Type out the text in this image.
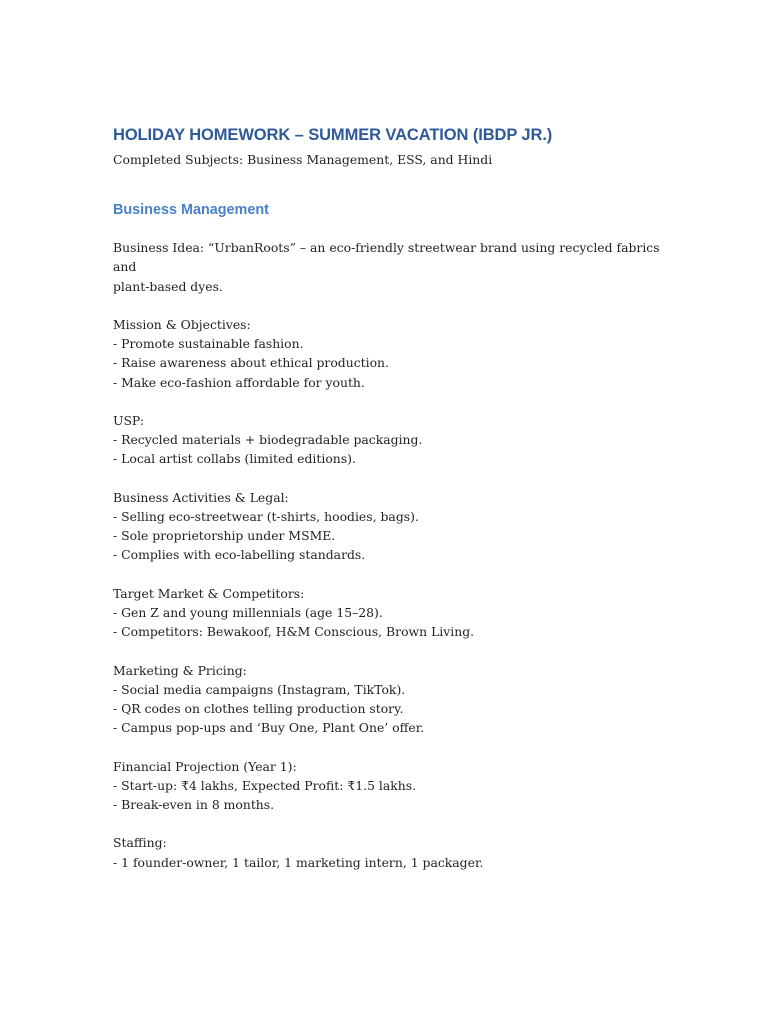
HOLIDAY HOMEWORK – SUMMER VACATION (IBDP JR.)

Completed Subjects: Business Management, ESS, and Hindi

Business Management
Business Idea: “UrbanRoots” – an eco-friendly streetwear brand using recycled fabrics and
plant-based dyes.
Mission & Objectives:
- Promote sustainable fashion.
- Raise awareness about ethical production.
- Make eco-fashion affordable for youth.
USP:
- Recycled materials + biodegradable packaging.
- Local artist collabs (limited editions).
Business Activities & Legal:
- Selling eco-streetwear (t-shirts, hoodies, bags).
- Sole proprietorship under MSME.
- Complies with eco-labelling standards.
Target Market & Competitors:
- Gen Z and young millennials (age 15–28).
- Competitors: Bewakoof, H&M Conscious, Brown Living.
Marketing & Pricing:
- Social media campaigns (Instagram, TikTok).
- QR codes on clothes telling production story.
- Campus pop-ups and ‘Buy One, Plant One’ offer.
Financial Projection (Year 1):
- Start-up: ₹4 lakhs, Expected Profit: ₹1.5 lakhs.
- Break-even in 8 months.
Staffing:
- 1 founder-owner, 1 tailor, 1 marketing intern, 1 packager.
